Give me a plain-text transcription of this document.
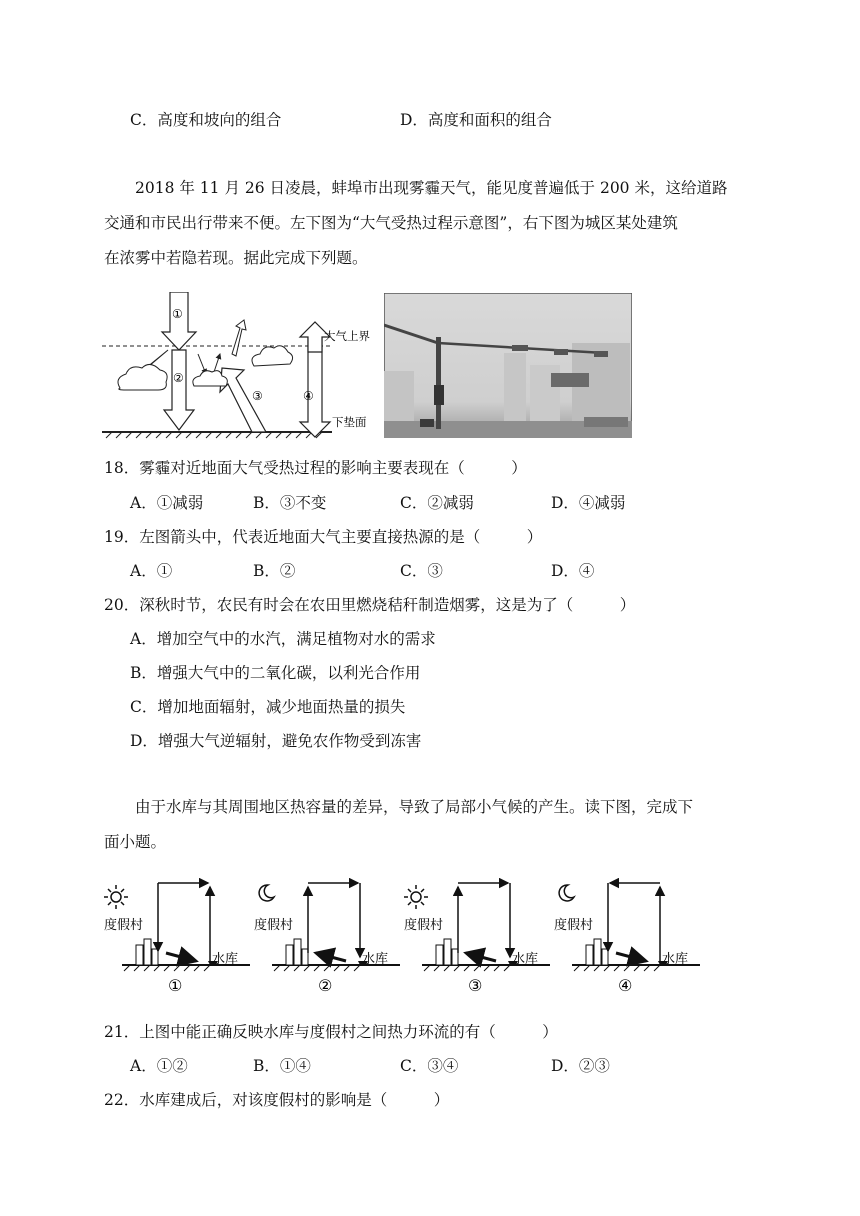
C．高度和坡向的组合	D．高度和面积的组合

2018 年 11 月 26 日凌晨，蚌埠市出现雾霾天气，能见度普遍低于 200 米，这给道路

交通和市民出行带来不便。左下图为“大气受热过程示意图”，右下图为城区某处建筑

在浓雾中若隐若现。据此完成下列题。

①
②
③	④
大气上界
下垫面
18．雾霾对近地面大气受热过程的影响主要表现在（　　　）
A．①减弱	B．③不变	C．②减弱	D．④减弱
19．左图箭头中，代表近地面大气主要直接热源的是（　　　）
A．①	B．②	C．③	D．④
20．深秋时节，农民有时会在农田里燃烧秸秆制造烟雾，这是为了（　　　）
A．增加空气中的水汽，满足植物对水的需求
B．增强大气中的二氧化碳，以利光合作用
C．增加地面辐射，减少地面热量的损失
D．增强大气逆辐射，避免农作物受到冻害

由于水库与其周围地区热容量的差异，导致了局部小气候的产生。读下图，完成下

面小题。

度假村
水库
①
度假村
水库
②
度假村
水库
③
度假村
水库
④
21．上图中能正确反映水库与度假村之间热力环流的有（　　　）
A．①②	B．①④	C．③④	D．②③
22．水库建成后，对该度假村的影响是（　　　）
